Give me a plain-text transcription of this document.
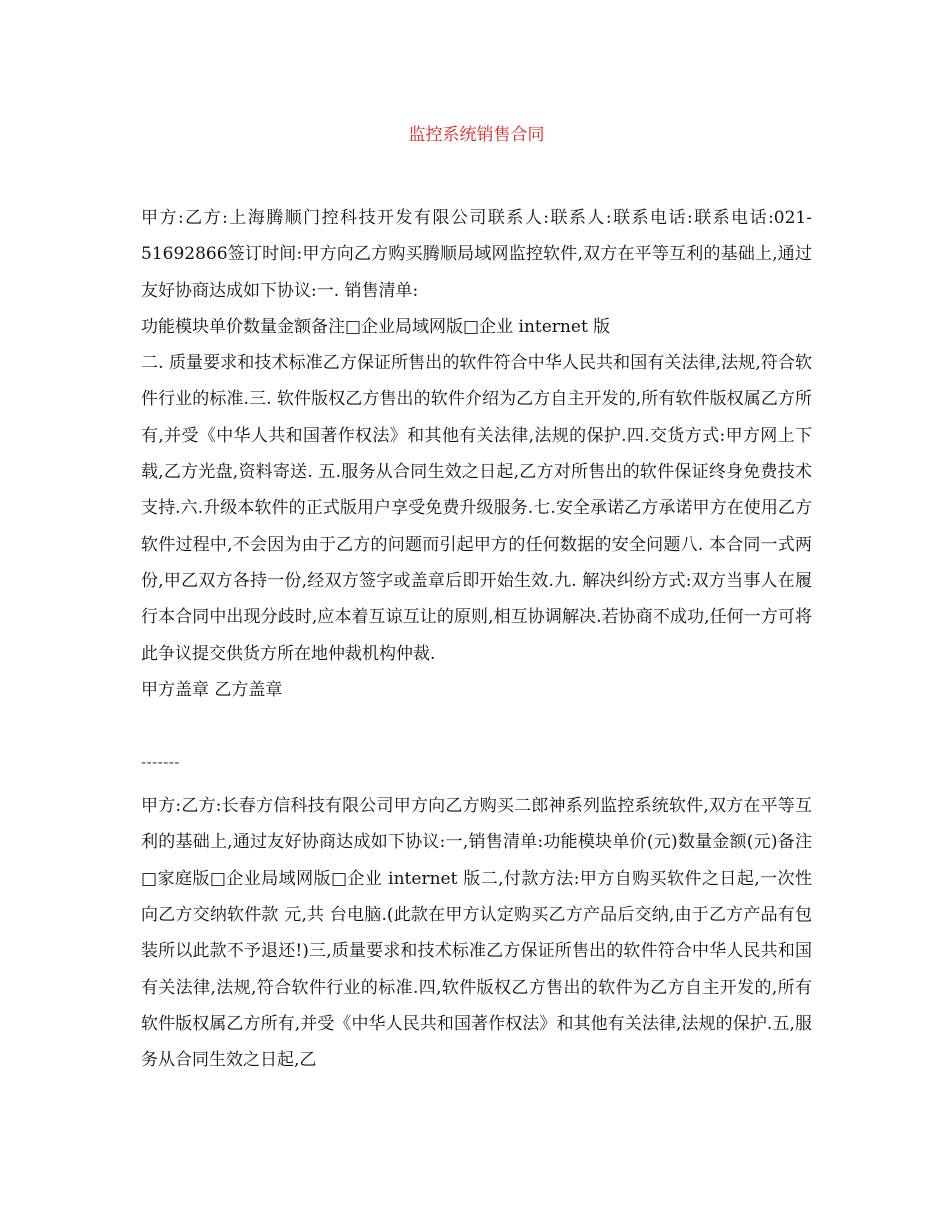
监控系统销售合同

甲方:乙方:上海腾顺门控科技开发有限公司联系人:联系人:联系电话:联系电话:021-51692866签订时间:甲方向乙方购买腾顺局域网监控软件,双方在平等互利的基础上,通过友好协商达成如下协议:一. 销售清单:

功能模块单价数量金额备注□企业局域网版□企业 internet 版

二. 质量要求和技术标准乙方保证所售出的软件符合中华人民共和国有关法律,法规,符合软件行业的标准.三. 软件版权乙方售出的软件介绍为乙方自主开发的,所有软件版权属乙方所有,并受《中华人共和国著作权法》和其他有关法律,法规的保护.四.交货方式:甲方网上下载,乙方光盘,资料寄送. 五.服务从合同生效之日起,乙方对所售出的软件保证终身免费技术支持.六.升级本软件的正式版用户享受免费升级服务.七.安全承诺乙方承诺甲方在使用乙方软件过程中,不会因为由于乙方的问题而引起甲方的任何数据的安全问题八. 本合同一式两份,甲乙双方各持一份,经双方签字或盖章后即开始生效.九. 解决纠纷方式:双方当事人在履行本合同中出现分歧时,应本着互谅互让的原则,相互协调解决.若协商不成功,任何一方可将此争议提交供货方所在地仲裁机构仲裁.

甲方盖章 乙方盖章

-------

甲方:乙方:长春方信科技有限公司甲方向乙方购买二郎神系列监控系统软件,双方在平等互利的基础上,通过友好协商达成如下协议:一,销售清单:功能模块单价(元)数量金额(元)备注□家庭版□企业局域网版□企业 internet 版二,付款方法:甲方自购买软件之日起,一次性向乙方交纳软件款 元,共 台电脑.(此款在甲方认定购买乙方产品后交纳,由于乙方产品有包装所以此款不予退还!)三,质量要求和技术标准乙方保证所售出的软件符合中华人民共和国有关法律,法规,符合软件行业的标准.四,软件版权乙方售出的软件为乙方自主开发的,所有软件版权属乙方所有,并受《中华人民共和国著作权法》和其他有关法律,法规的保护.五,服务从合同生效之日起,乙
